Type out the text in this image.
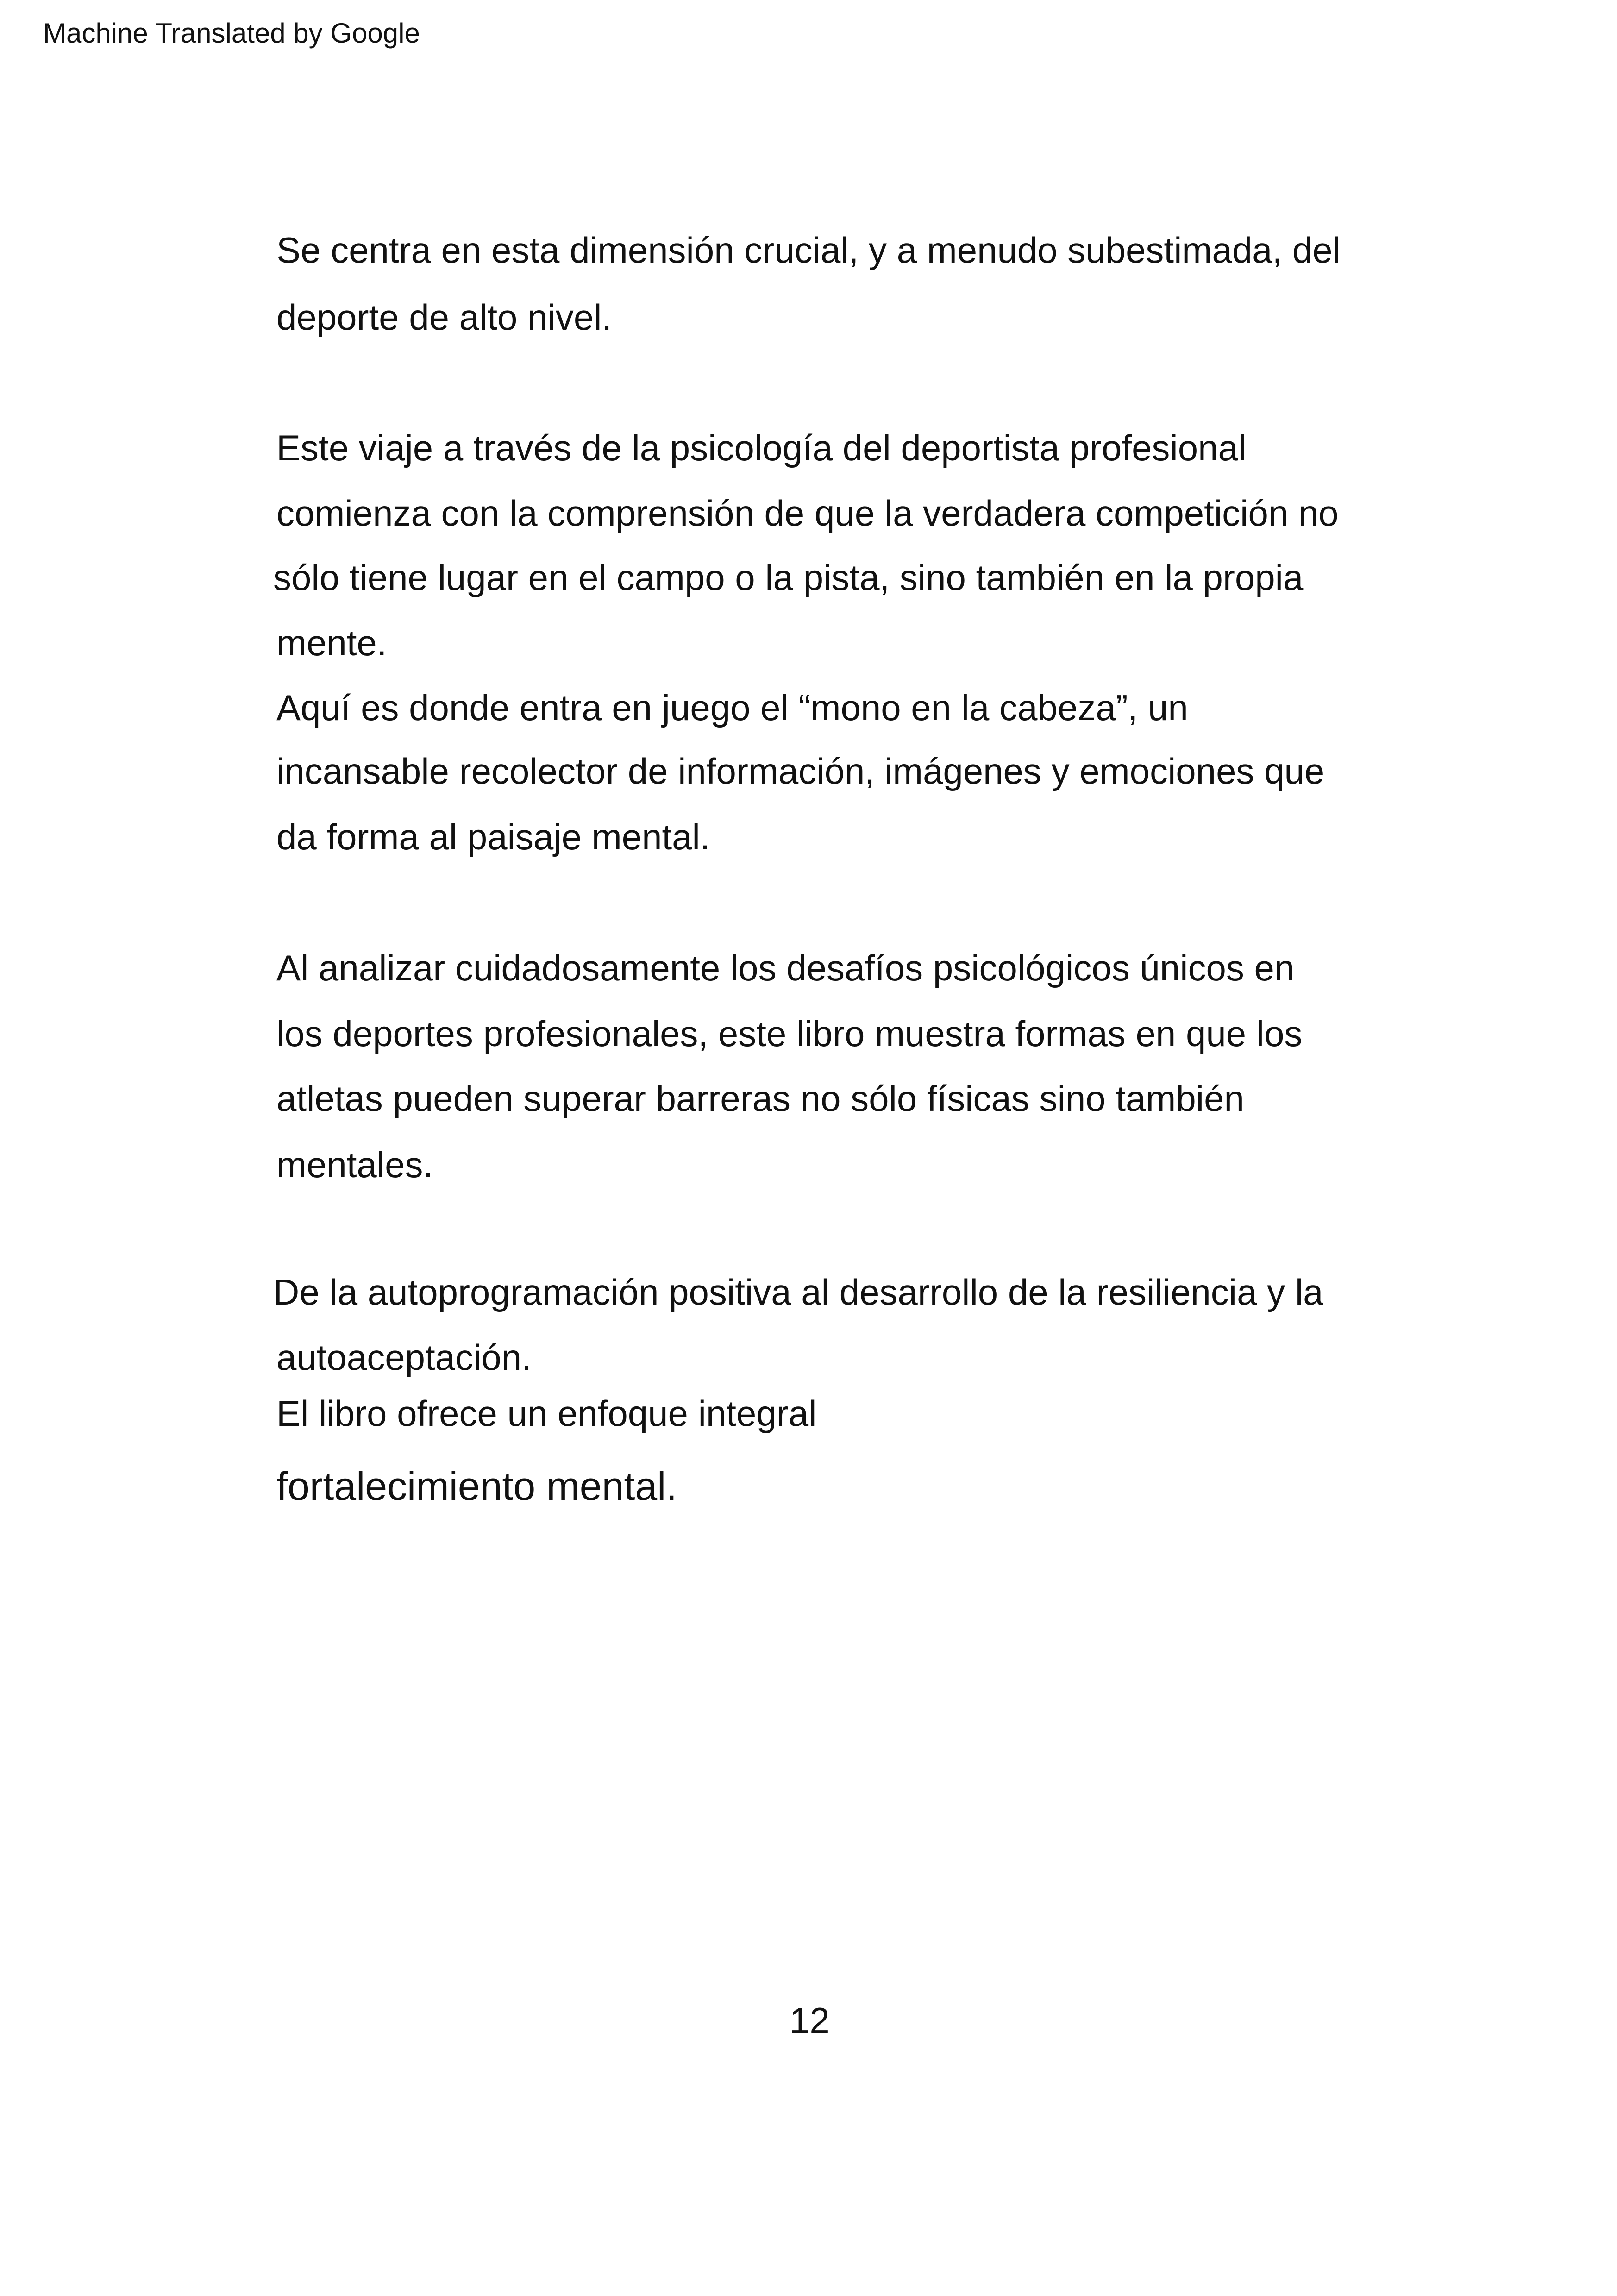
Machine Translated by Google
Se centra en esta dimensión crucial, y a menudo subestimada, del
deporte de alto nivel.
Este viaje a través de la psicología del deportista profesional
comienza con la comprensión de que la verdadera competición no
sólo tiene lugar en el campo o la pista, sino también en la propia
mente.
Aquí es donde entra en juego el “mono en la cabeza”, un
incansable recolector de información, imágenes y emociones que
da forma al paisaje mental.
Al analizar cuidadosamente los desafíos psicológicos únicos en
los deportes profesionales, este libro muestra formas en que los
atletas pueden superar barreras no sólo físicas sino también
mentales.
De la autoprogramación positiva al desarrollo de la resiliencia y la
autoaceptación.
El libro ofrece un enfoque integral
fortalecimiento mental.
12
